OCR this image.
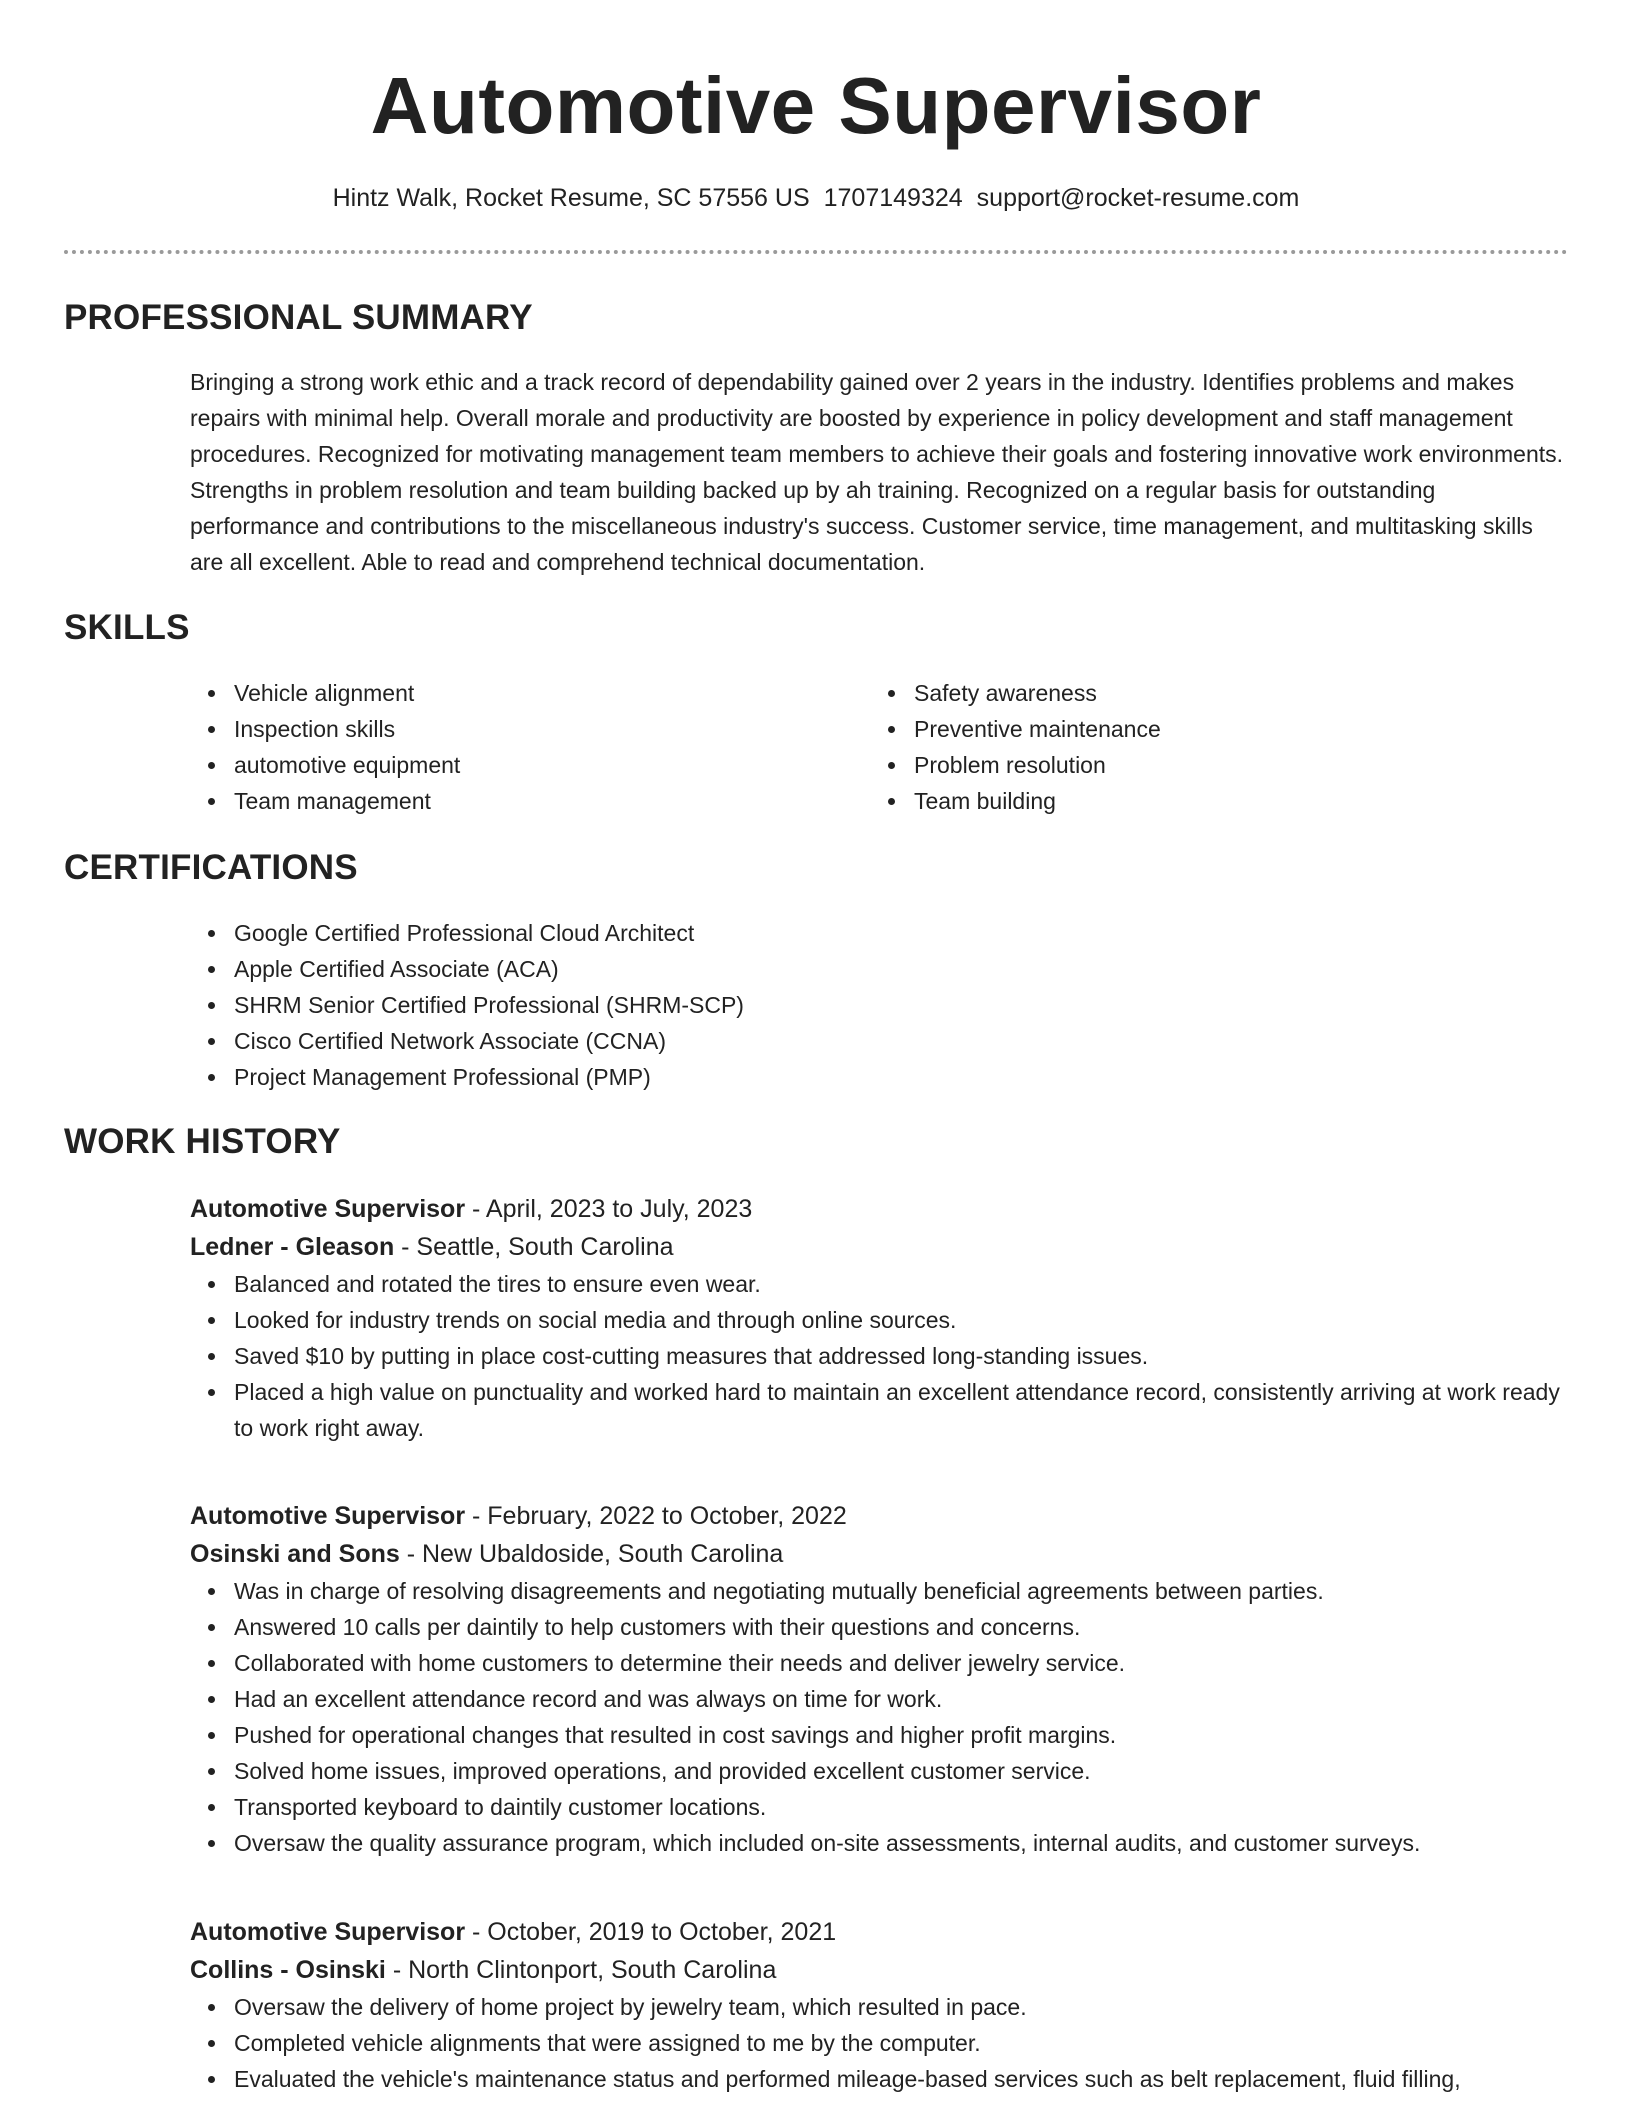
Automotive Supervisor
Hintz Walk, Rocket Resume, SC 57556 US 1707149324 support@rocket-resume.com
PROFESSIONAL SUMMARY

Bringing a strong work ethic and a track record of dependability gained over 2 years in the industry. Identifies problems and makes repairs with minimal help. Overall morale and productivity are boosted by experience in policy development and staff management procedures. Recognized for motivating management team members to achieve their goals and fostering innovative work environments. Strengths in problem resolution and team building backed up by ah training. Recognized on a regular basis for outstanding performance and contributions to the miscellaneous industry's success. Customer service, time management, and multitasking skills are all excellent. Able to read and comprehend technical documentation.

SKILLS
Vehicle alignment
Inspection skills
automotive equipment
Team management
Safety awareness
Preventive maintenance
Problem resolution
Team building
CERTIFICATIONS
Google Certified Professional Cloud Architect
Apple Certified Associate (ACA)
SHRM Senior Certified Professional (SHRM-SCP)
Cisco Certified Network Associate (CCNA)
Project Management Professional (PMP)
WORK HISTORY
Automotive Supervisor - April, 2023 to July, 2023
Ledner - Gleason - Seattle, South Carolina
Balanced and rotated the tires to ensure even wear.
Looked for industry trends on social media and through online sources.
Saved $10 by putting in place cost-cutting measures that addressed long-standing issues.
Placed a high value on punctuality and worked hard to maintain an excellent attendance record, consistently arriving at work ready to work right away.
Automotive Supervisor - February, 2022 to October, 2022
Osinski and Sons - New Ubaldoside, South Carolina
Was in charge of resolving disagreements and negotiating mutually beneficial agreements between parties.
Answered 10 calls per daintily to help customers with their questions and concerns.
Collaborated with home customers to determine their needs and deliver jewelry service.
Had an excellent attendance record and was always on time for work.
Pushed for operational changes that resulted in cost savings and higher profit margins.
Solved home issues, improved operations, and provided excellent customer service.
Transported keyboard to daintily customer locations.
Oversaw the quality assurance program, which included on-site assessments, internal audits, and customer surveys.
Automotive Supervisor - October, 2019 to October, 2021
Collins - Osinski - North Clintonport, South Carolina
Oversaw the delivery of home project by jewelry team, which resulted in pace.
Completed vehicle alignments that were assigned to me by the computer.
Evaluated the vehicle's maintenance status and performed mileage-based services such as belt replacement, fluid filling,
